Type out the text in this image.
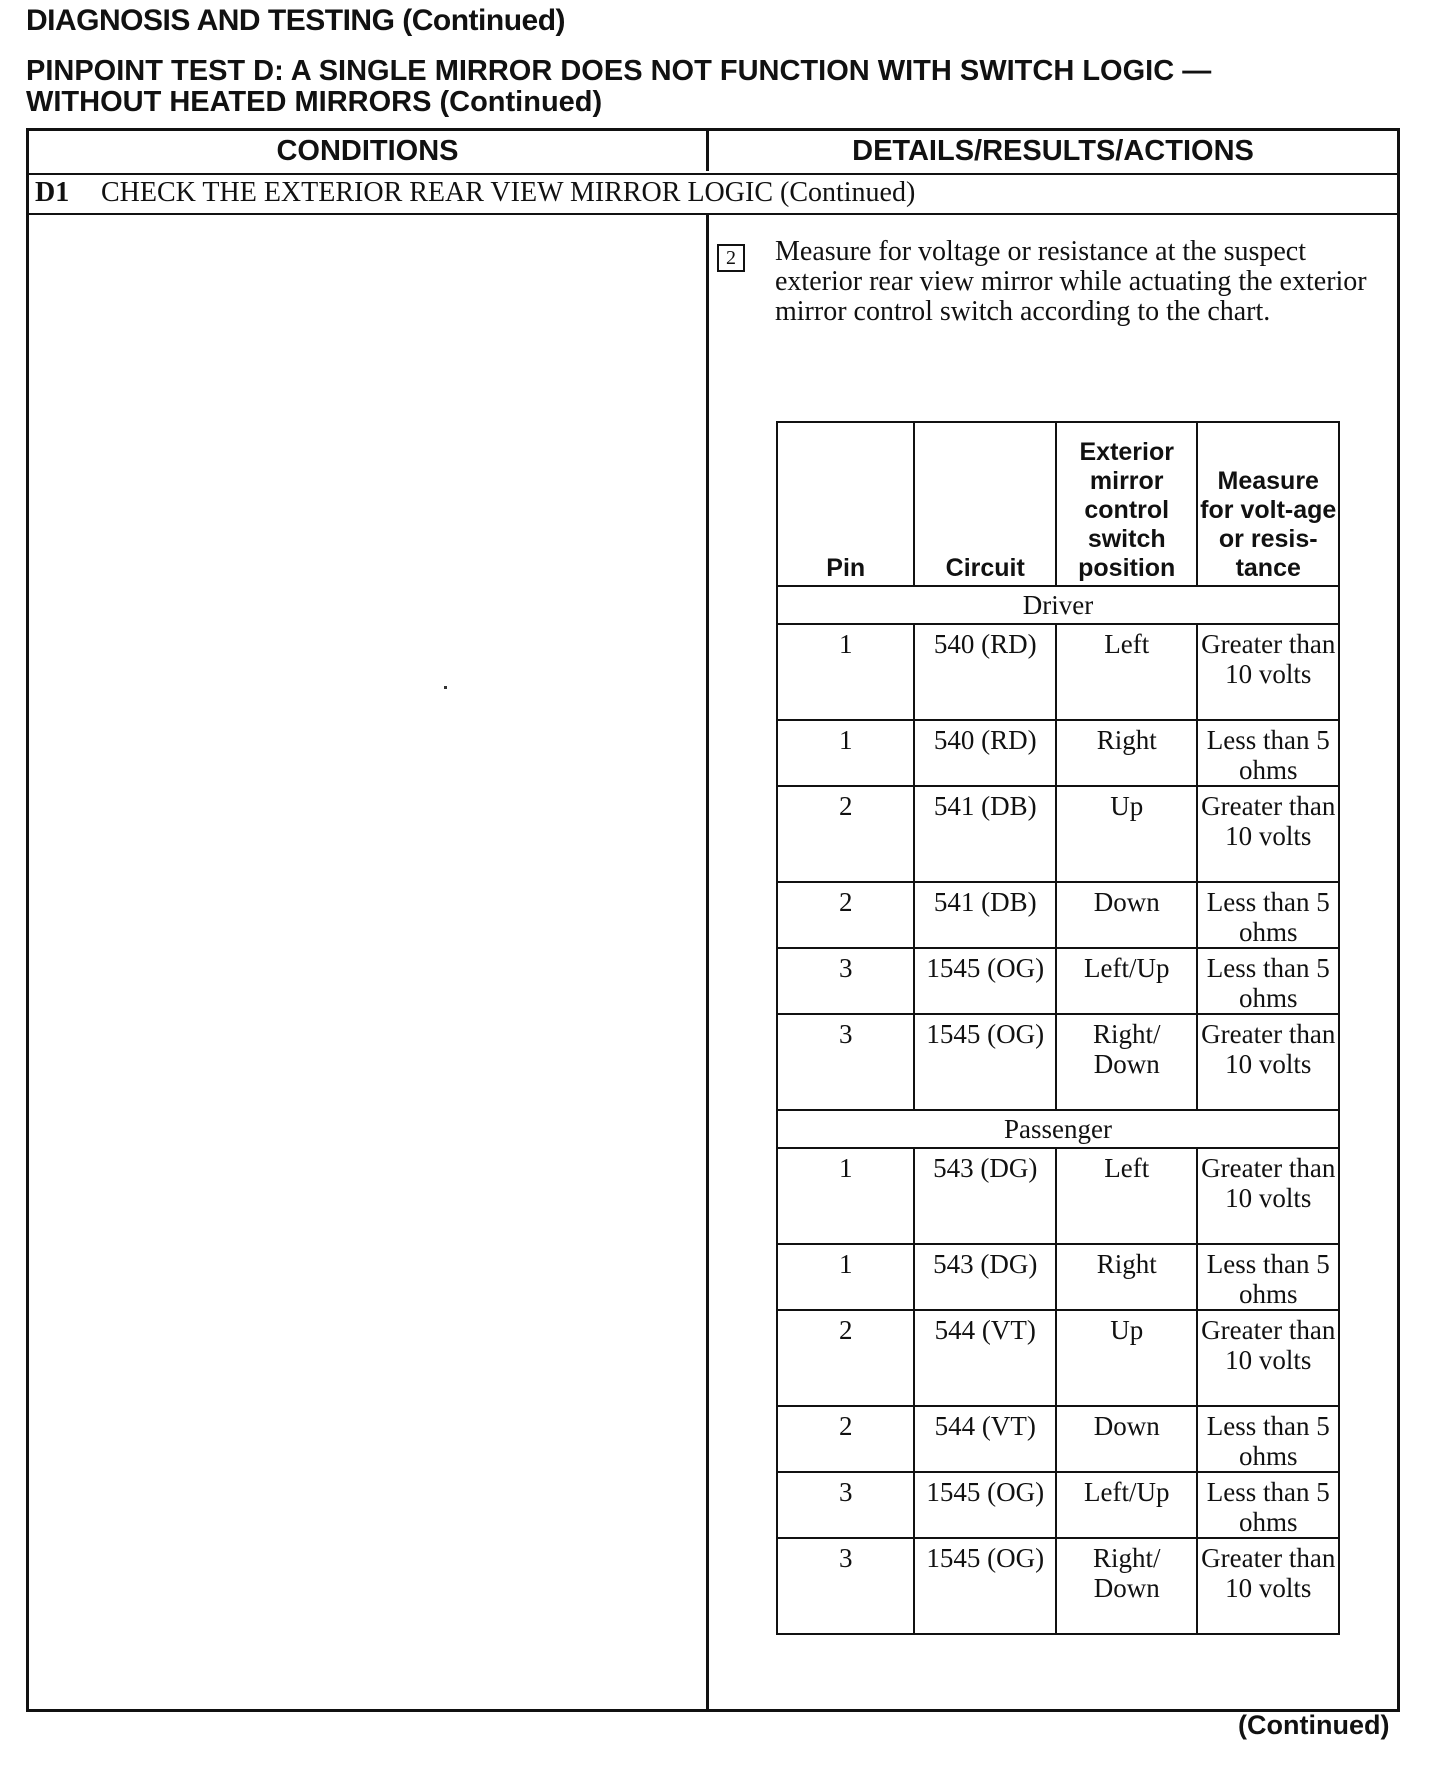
DIAGNOSIS AND TESTING (Continued)
PINPOINT TEST D: A SINGLE MIRROR DOES NOT FUNCTION WITH SWITCH LOGIC — WITHOUT HEATED MIRRORS (Continued)
CONDITIONS	DETAILS/RESULTS/ACTIONS
D1	CHECK THE EXTERIOR REAR VIEW MIRROR LOGIC (Continued)
2	Measure for voltage or resistance at the suspect exterior rear view mirror while actuating the exterior mirror control switch according to the chart.
Pin	Circuit	Exterior mirror control switch position	Measure for volt-age or resis-tance
Driver			
1	540 (RD)	Left	Greater than 10 volts
1	540 (RD)	Right	Less than 5 ohms
2	541 (DB)	Up	Greater than 10 volts
2	541 (DB)	Down	Less than 5 ohms
3	1545 (OG)	Left/Up	Less than 5 ohms
3	1545 (OG)	Right/ Down	Greater than 10 volts
Passenger			
1	543 (DG)	Left	Greater than 10 volts
1	543 (DG)	Right	Less than 5 ohms
2	544 (VT)	Up	Greater than 10 volts
2	544 (VT)	Down	Less than 5 ohms
3	1545 (OG)	Left/Up	Less than 5 ohms
3	1545 (OG)	Right/ Down	Greater than 10 volts
(Continued)
